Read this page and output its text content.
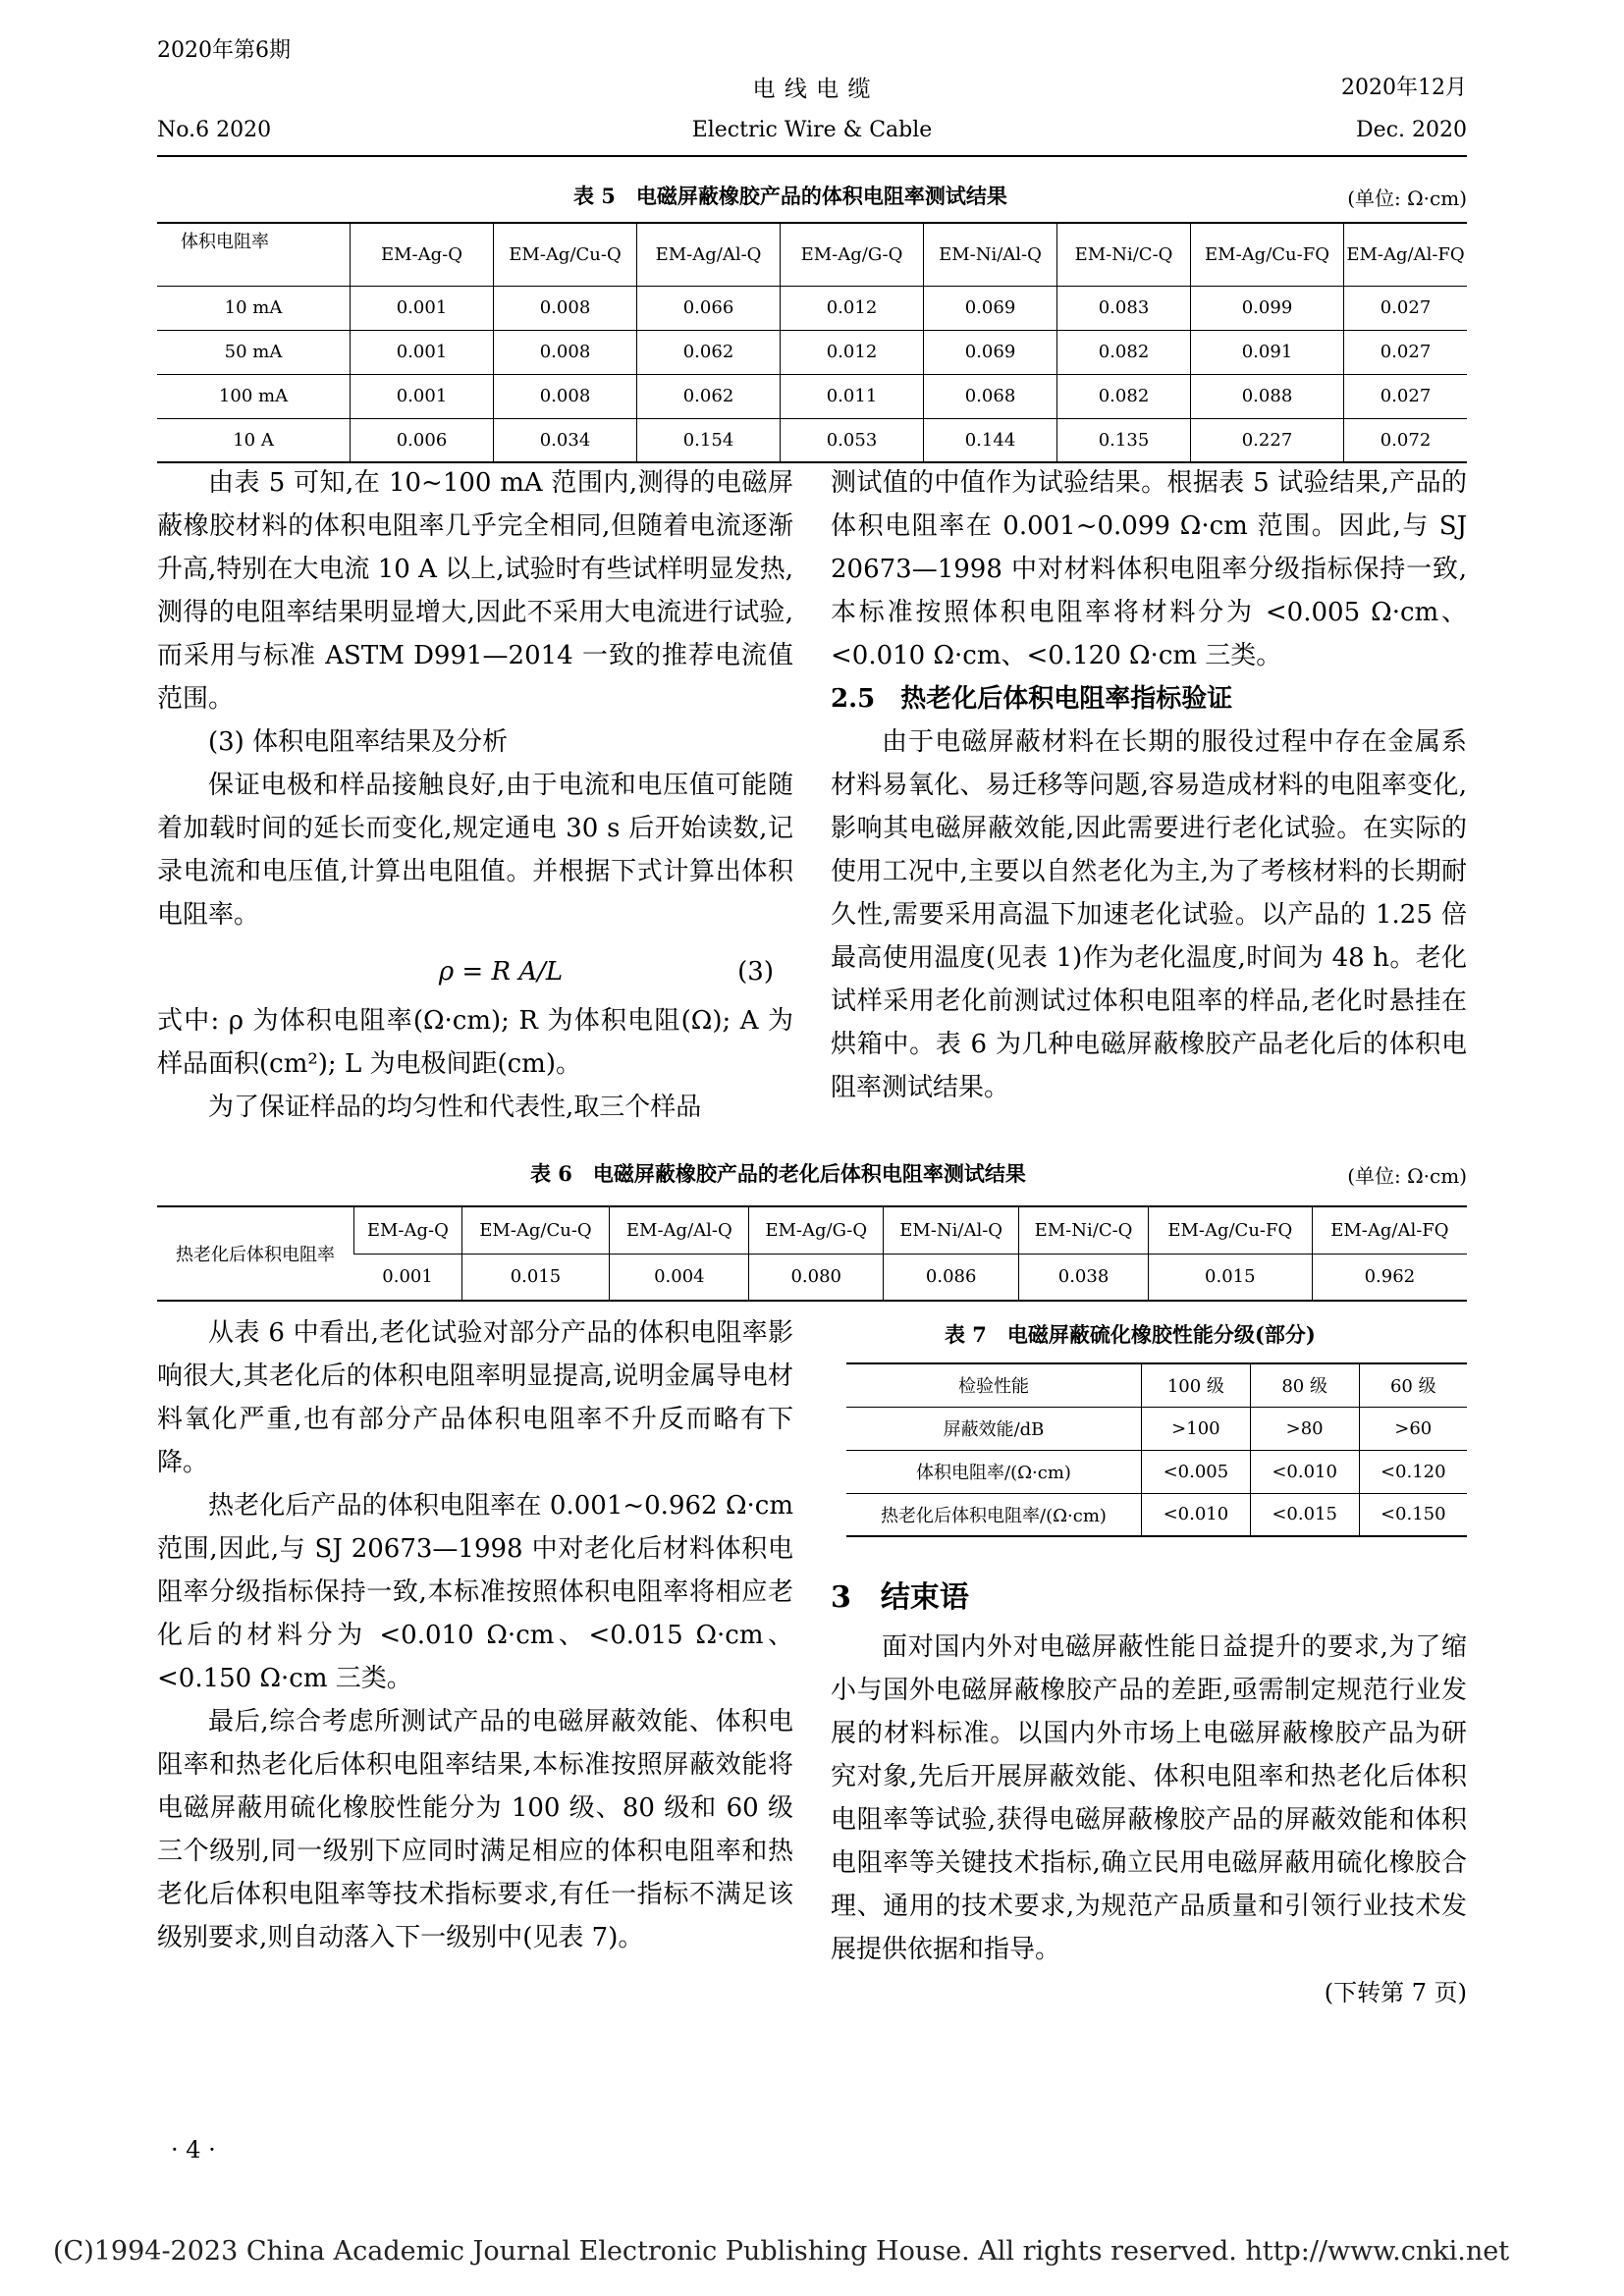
2020年第6期
No.6 2020
电 线 电 缆
Electric Wire & Cable
2020年12月
Dec. 2020
表 5　电磁屏蔽橡胶产品的体积电阻率测试结果	(单位: Ω·cm)
体积电阻率	EM-Ag-Q	EM-Ag/Cu-Q	EM-Ag/Al-Q	EM-Ag/G-Q	EM-Ni/Al-Q	EM-Ni/C-Q	EM-Ag/Cu-FQ	EM-Ag/Al-FQ
10 mA	0.001	0.008	0.066	0.012	0.069	0.083	0.099	0.027
50 mA	0.001	0.008	0.062	0.012	0.069	0.082	0.091	0.027
100 mA	0.001	0.008	0.062	0.011	0.068	0.082	0.088	0.027
10 A	0.006	0.034	0.154	0.053	0.144	0.135	0.227	0.072

由表 5 可知,在 10~100 mA 范围内,测得的电磁屏蔽橡胶材料的体积电阻率几乎完全相同,但随着电流逐渐升高,特别在大电流 10 A 以上,试验时有些试样明显发热,测得的电阻率结果明显增大,因此不采用大电流进行试验,而采用与标准 ASTM D991—2014 一致的推荐电流值范围。

(3) 体积电阻率结果及分析

保证电极和样品接触良好,由于电流和电压值可能随着加载时间的延长而变化,规定通电 30 s 后开始读数,记录电流和电压值,计算出电阻值。并根据下式计算出体积电阻率。

ρ = R A/L	(3)

式中: ρ 为体积电阻率(Ω·cm); R 为体积电阻(Ω); A 为样品面积(cm²); L 为电极间距(cm)。

为了保证样品的均匀性和代表性,取三个样品

测试值的中值作为试验结果。根据表 5 试验结果,产品的体积电阻率在 0.001~0.099 Ω·cm 范围。因此,与 SJ 20673—1998 中对材料体积电阻率分级指标保持一致,本标准按照体积电阻率将材料分为 <0.005 Ω·cm、<0.010 Ω·cm、<0.120 Ω·cm 三类。

2.5　热老化后体积电阻率指标验证

由于电磁屏蔽材料在长期的服役过程中存在金属系材料易氧化、易迁移等问题,容易造成材料的电阻率变化,影响其电磁屏蔽效能,因此需要进行老化试验。在实际的使用工况中,主要以自然老化为主,为了考核材料的长期耐久性,需要采用高温下加速老化试验。以产品的 1.25 倍最高使用温度(见表 1)作为老化温度,时间为 48 h。老化试样采用老化前测试过体积电阻率的样品,老化时悬挂在烘箱中。表 6 为几种电磁屏蔽橡胶产品老化后的体积电阻率测试结果。

表 6　电磁屏蔽橡胶产品的老化后体积电阻率测试结果	(单位: Ω·cm)
热老化后体积电阻率	EM-Ag-Q	EM-Ag/Cu-Q	EM-Ag/Al-Q	EM-Ag/G-Q	EM-Ni/Al-Q	EM-Ni/C-Q	EM-Ag/Cu-FQ	EM-Ag/Al-FQ
	0.001	0.015	0.004	0.080	0.086	0.038	0.015	0.962

从表 6 中看出,老化试验对部分产品的体积电阻率影响很大,其老化后的体积电阻率明显提高,说明金属导电材料氧化严重,也有部分产品体积电阻率不升反而略有下降。

热老化后产品的体积电阻率在 0.001~0.962 Ω·cm 范围,因此,与 SJ 20673—1998 中对老化后材料体积电阻率分级指标保持一致,本标准按照体积电阻率将相应老化后的材料分为 <0.010 Ω·cm、<0.015 Ω·cm、<0.150 Ω·cm 三类。

最后,综合考虑所测试产品的电磁屏蔽效能、体积电阻率和热老化后体积电阻率结果,本标准按照屏蔽效能将电磁屏蔽用硫化橡胶性能分为 100 级、80 级和 60 级三个级别,同一级别下应同时满足相应的体积电阻率和热老化后体积电阻率等技术指标要求,有任一指标不满足该级别要求,则自动落入下一级别中(见表 7)。

表 7　电磁屏蔽硫化橡胶性能分级(部分)
检验性能	100 级	80 级	60 级
屏蔽效能/dB	>100	>80	>60
体积电阻率/(Ω·cm)	<0.005	<0.010	<0.120
热老化后体积电阻率/(Ω·cm)	<0.010	<0.015	<0.150

3　结束语

面对国内外对电磁屏蔽性能日益提升的要求,为了缩小与国外电磁屏蔽橡胶产品的差距,亟需制定规范行业发展的材料标准。以国内外市场上电磁屏蔽橡胶产品为研究对象,先后开展屏蔽效能、体积电阻率和热老化后体积电阻率等试验,获得电磁屏蔽橡胶产品的屏蔽效能和体积电阻率等关键技术指标,确立民用电磁屏蔽用硫化橡胶合理、通用的技术要求,为规范产品质量和引领行业技术发展提供依据和指导。

(下转第 7 页)

· 4 ·
(C)1994-2023 China Academic Journal Electronic Publishing House. All rights reserved. http://www.cnki.net
